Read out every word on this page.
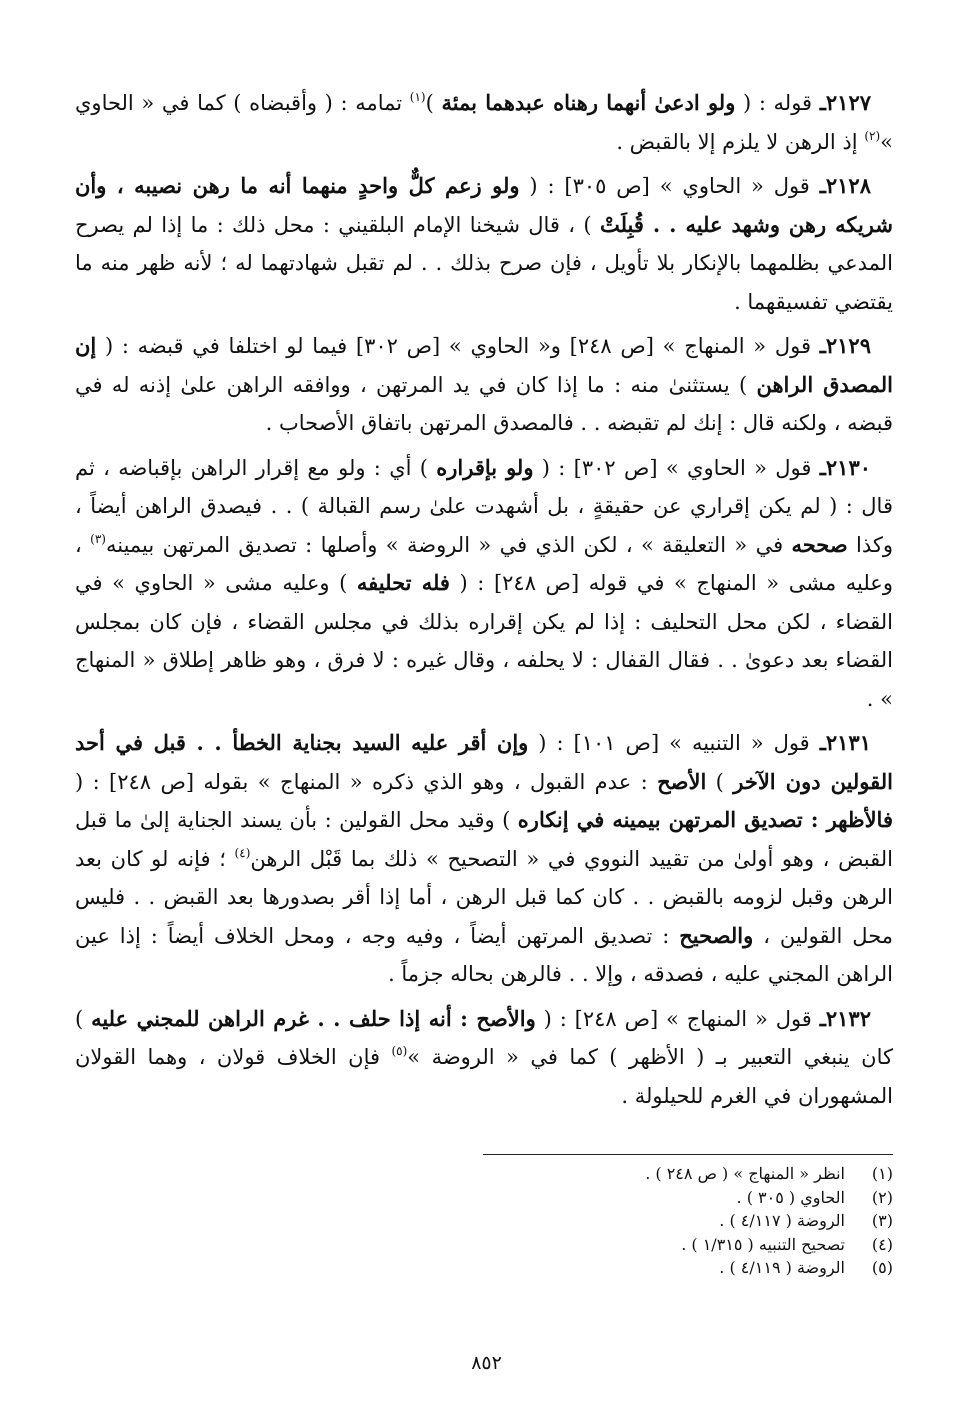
٢١٢٧ـ قوله : ( ولو ادعىٰ أنهما رهناه عبدهما بمئة )$^{(١)}$ تمامه : ( وأقبضاه ) كما في « الحاوي »$^{(٢)}$ إذ الرهن لا يلزم إلا بالقبض .

٢١٢٨ـ قول « الحاوي » [ص ٣٠٥] : ( ولو زعم كلٌّ واحدٍ منهما أنه ما رهن نصيبه ، وأن شريكه رهن وشهد عليه . . قُبِلَتْ ) ، قال شيخنا الإمام البلقيني : محل ذلك : ما إذا لم يصرح المدعي بظلمهما بالإنكار بلا تأويل ، فإن صرح بذلك . . لم تقبل شهادتهما له ؛ لأنه ظهر منه ما يقتضي تفسيقهما .

٢١٢٩ـ قول « المنهاج » [ص ٢٤٨] و« الحاوي » [ص ٣٠٢] فيما لو اختلفا في قبضه : ( إن المصدق الراهن ) يستثنىٰ منه : ما إذا كان في يد المرتهن ، ووافقه الراهن علىٰ إذنه له في قبضه ، ولكنه قال : إنك لم تقبضه . . فالمصدق المرتهن باتفاق الأصحاب .

٢١٣٠ـ قول « الحاوي » [ص ٣٠٢] : ( ولو بإقراره ) أي : ولو مع إقرار الراهن بإقباضه ، ثم قال : ( لم يكن إقراري عن حقيقةٍ ، بل أشهدت علىٰ رسم القبالة ) . . فيصدق الراهن أيضاً ، وكذا صححه في « التعليقة » ، لكن الذي في « الروضة » وأصلها : تصديق المرتهن بيمينه$^{(٣)}$ ، وعليه مشى « المنهاج » في قوله [ص ٢٤٨] : ( فله تحليفه ) وعليه مشى « الحاوي » في القضاء ، لكن محل التحليف : إذا لم يكن إقراره بذلك في مجلس القضاء ، فإن كان بمجلس القضاء بعد دعوىٰ . . فقال القفال : لا يحلفه ، وقال غيره : لا فرق ، وهو ظاهر إطلاق « المنهاج » .

٢١٣١ـ قول « التنبيه » [ص ١٠١] : ( وإن أقر عليه السيد بجناية الخطأ . . قبل في أحد القولين دون الآخر ) الأصح : عدم القبول ، وهو الذي ذكره « المنهاج » بقوله [ص ٢٤٨] : ( فالأظهر : تصديق المرتهن بيمينه في إنكاره ) وقيد محل القولين : بأن يسند الجناية إلىٰ ما قبل القبض ، وهو أولىٰ من تقييد النووي في « التصحيح » ذلك بما قَبْل الرهن$^{(٤)}$ ؛ فإنه لو كان بعد الرهن وقبل لزومه بالقبض . . كان كما قبل الرهن ، أما إذا أقر بصدورها بعد القبض . . فليس محل القولين ، والصحيح : تصديق المرتهن أيضاً ، وفيه وجه ، ومحل الخلاف أيضاً : إذا عين الراهن المجني عليه ، فصدقه ، وإلا . . فالرهن بحاله جزماً .

٢١٣٢ـ قول « المنهاج » [ص ٢٤٨] : ( والأصح : أنه إذا حلف . . غرم الراهن للمجني عليه ) كان ينبغي التعبير بـ ( الأظهر ) كما في « الروضة »$^{(٥)}$ فإن الخلاف قولان ، وهما القولان المشهوران في الغرم للحيلولة .

(١)
انظر « المنهاج » ( ص ٢٤٨ ) .
(٢)
الحاوي ( ٣٠٥ ) .
(٣)
الروضة ( ٤/١١٧ ) .
(٤)
تصحيح التنبيه ( ١/٣١٥ ) .
(٥)
الروضة ( ٤/١١٩ ) .
٨٥٢
